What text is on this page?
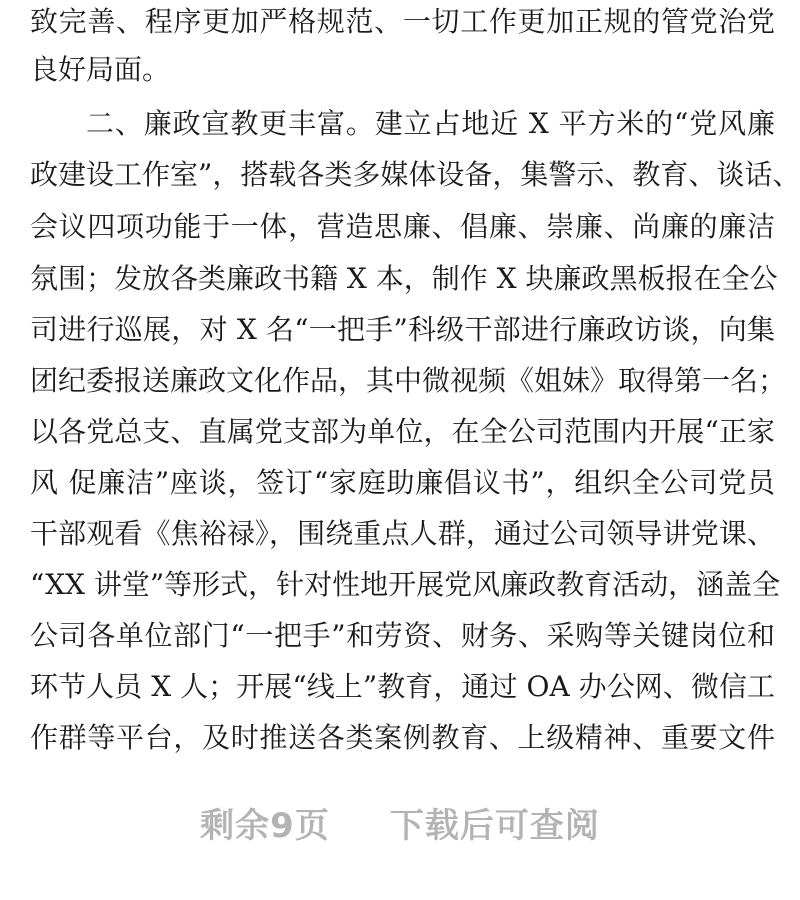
致完善、程序更加严格规范、一切工作更加正规的管党治党

良好局面。

二、廉政宣教更丰富。建立占地近 X 平方米的“党风廉

政建设工作室”，搭载各类多媒体设备，集警示、教育、谈话、

会议四项功能于一体，营造思廉、倡廉、崇廉、尚廉的廉洁

氛围；发放各类廉政书籍 X 本，制作 X 块廉政黑板报在全公

司进行巡展，对 X 名“一把手”科级干部进行廉政访谈，向集

团纪委报送廉政文化作品，其中微视频《姐妹》取得第一名；

以各党总支、直属党支部为单位，在全公司范围内开展“正家

风 促廉洁”座谈，签订“家庭助廉倡议书”，组织全公司党员

干部观看《焦裕禄》，围绕重点人群，通过公司领导讲党课、

“XX 讲堂”等形式，针对性地开展党风廉政教育活动，涵盖全

公司各单位部门“一把手”和劳资、财务、采购等关键岗位和

环节人员 X 人；开展“线上”教育，通过 OA 办公网、微信工

作群等平台，及时推送各类案例教育、上级精神、重要文件

剩余9页 下载后可查阅
